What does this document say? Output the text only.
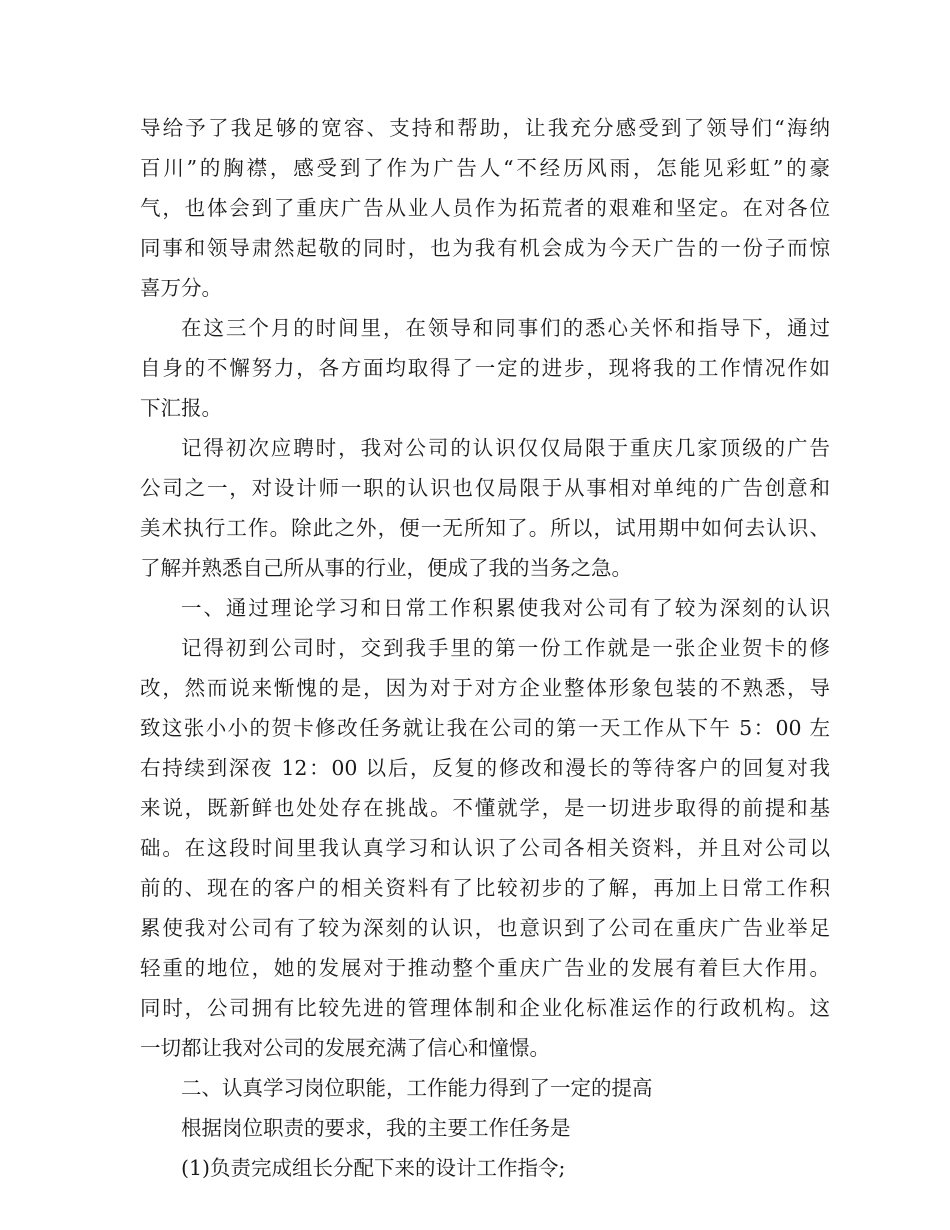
导给予了我足够的宽容、支持和帮助，让我充分感受到了领导们“海纳
百川”的胸襟，感受到了作为广告人“不经历风雨，怎能见彩虹”的豪
气，也体会到了重庆广告从业人员作为拓荒者的艰难和坚定。在对各位
同事和领导肃然起敬的同时，也为我有机会成为今天广告的一份子而惊
喜万分。
在这三个月的时间里，在领导和同事们的悉心关怀和指导下，通过
自身的不懈努力，各方面均取得了一定的进步，现将我的工作情况作如
下汇报。
记得初次应聘时，我对公司的认识仅仅局限于重庆几家顶级的广告
公司之一，对设计师一职的认识也仅局限于从事相对单纯的广告创意和
美术执行工作。除此之外，便一无所知了。所以，试用期中如何去认识、
了解并熟悉自己所从事的行业，便成了我的当务之急。
一、通过理论学习和日常工作积累使我对公司有了较为深刻的认识
记得初到公司时，交到我手里的第一份工作就是一张企业贺卡的修
改，然而说来惭愧的是，因为对于对方企业整体形象包装的不熟悉，导
致这张小小的贺卡修改任务就让我在公司的第一天工作从下午 5：00 左
右持续到深夜 12：00 以后，反复的修改和漫长的等待客户的回复对我
来说，既新鲜也处处存在挑战。不懂就学，是一切进步取得的前提和基
础。在这段时间里我认真学习和认识了公司各相关资料，并且对公司以
前的、现在的客户的相关资料有了比较初步的了解，再加上日常工作积
累使我对公司有了较为深刻的认识，也意识到了公司在重庆广告业举足
轻重的地位，她的发展对于推动整个重庆广告业的发展有着巨大作用。
同时，公司拥有比较先进的管理体制和企业化标准运作的行政机构。这
一切都让我对公司的发展充满了信心和憧憬。
二、认真学习岗位职能，工作能力得到了一定的提高
根据岗位职责的要求，我的主要工作任务是
(1)负责完成组长分配下来的设计工作指令;
